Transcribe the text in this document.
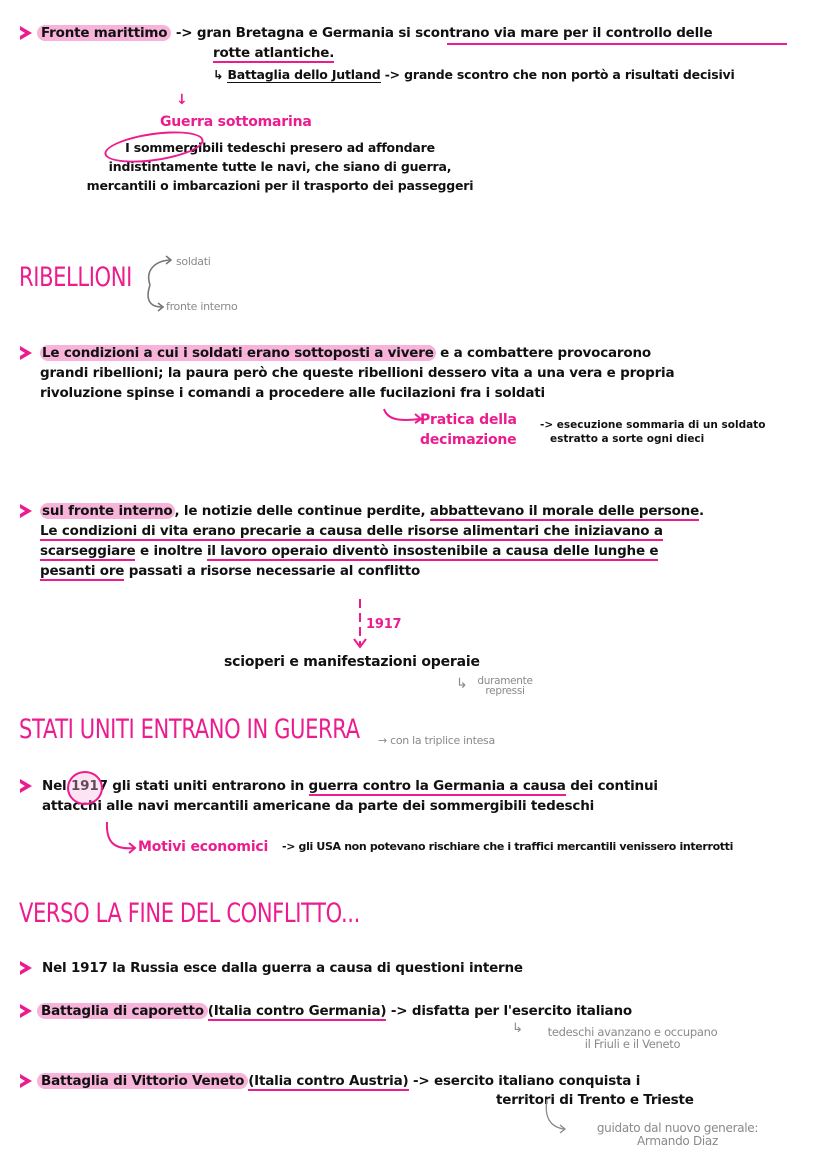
Fronte marittimo -> gran Bretagna e Germania si scontrano via mare per il controllo delle
rotte atlantiche.
↳ Battaglia dello Jutland -> grande scontro che non portò a risultati decisivi
↓
Guerra sottomarina
I sommergibili tedeschi presero ad affondare
indistintamente tutte le navi, che siano di guerra,
mercantili o imbarcazioni per il trasporto dei passeggeri
RIBELLIONI
soldati
fronte interno
Le condizioni a cui i soldati erano sottoposti a vivere e a combattere provocarono
grandi ribellioni; la paura però che queste ribellioni dessero vita a una vera e propria
rivoluzione spinse i comandi a procedere alle fucilazioni fra i soldati
Pratica della
decimazione
-> esecuzione sommaria di un soldato
estratto a sorte ogni dieci
sul fronte interno , le notizie delle continue perdite, abbattevano il morale delle persone.
Le condizioni di vita erano precarie a causa delle risorse alimentari che iniziavano a
scarseggiare e inoltre il lavoro operaio diventò insostenibile a causa delle lunghe e
pesanti ore passati a risorse necessarie al conflitto
1917
scioperi e manifestazioni operaie
↳ duramente
repressi
STATI UNITI ENTRANO IN GUERRA → con la triplice intesa
Nel 1917 gli stati uniti entrarono in guerra contro la Germania a causa dei continui
attacchi alle navi mercantili americane da parte dei sommergibili tedeschi
Motivi economici -> gli USA non potevano rischiare che i traffici mercantili venissero interrotti
VERSO LA FINE DEL CONFLITTO...
Nel 1917 la Russia esce dalla guerra a causa di questioni interne
Battaglia di caporetto (Italia contro Germania) -> disfatta per l'esercito italiano
↳	tedeschi avanzano e occupano
il Friuli e il Veneto
Battaglia di Vittorio Veneto (Italia contro Austria) -> esercito italiano conquista i
territori di Trento e Trieste
guidato dal nuovo generale:
Armando Diaz
